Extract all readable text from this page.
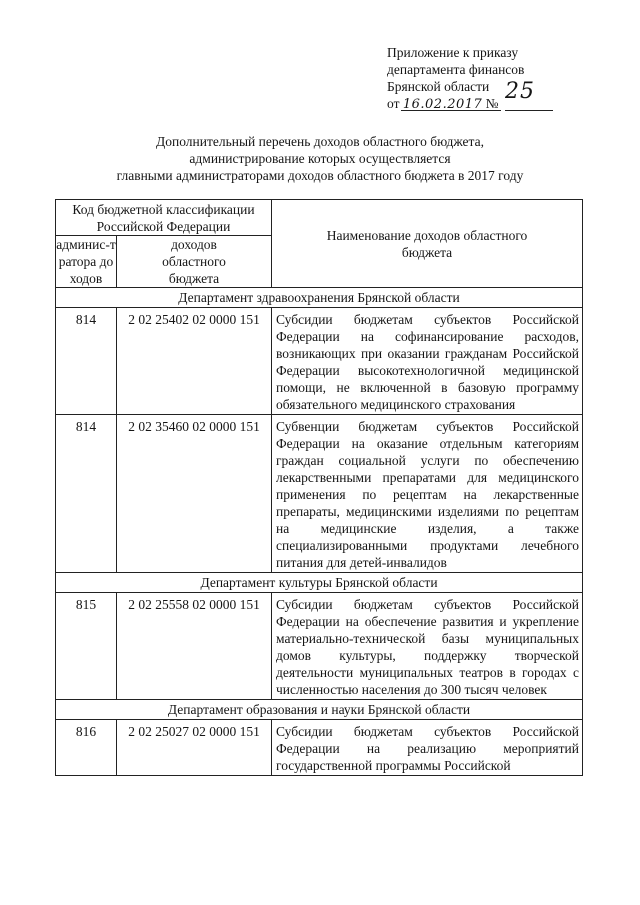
Приложение к приказу
департамента финансов
Брянской области
от 16.02.2017 № 25
Дополнительный перечень доходов областного бюджета,
администрирование которых осуществляется
главными администраторами доходов областного бюджета в 2017 году
Код бюджетной классификации Российской Федерации		Наименование доходов областного бюджета
админис-тратора доходов	доходов областного бюджета	
Департамент здравоохранения Брянской области		
814	2 02 25402 02 0000 151	Субсидии бюджетам субъектов Российской Федерации на софинансирование расходов, возникающих при оказании гражданам Российской Федерации высокотехнологичной медицинской помощи, не включенной в базовую программу обязательного медицинского страхования
814	2 02 35460 02 0000 151	Субвенции бюджетам субъектов Российской Федерации на оказание отдельным категориям граждан социальной услуги по обеспечению лекарственными препаратами для медицинского применения по рецептам на лекарственные препараты, медицинскими изделиями по рецептам на медицинские изделия, а также специализированными продуктами лечебного питания для детей-инвалидов
Департамент культуры Брянской области		
815	2 02 25558 02 0000 151	Субсидии бюджетам субъектов Российской Федерации на обеспечение развития и укрепление материально-технической базы муниципальных домов культуры, поддержку творческой деятельности муниципальных театров в городах с численностью населения до 300 тысяч человек
Департамент образования и науки Брянской области		
816	2 02 25027 02 0000 151	Субсидии бюджетам субъектов Российской Федерации на реализацию мероприятий государственной программы Российской
